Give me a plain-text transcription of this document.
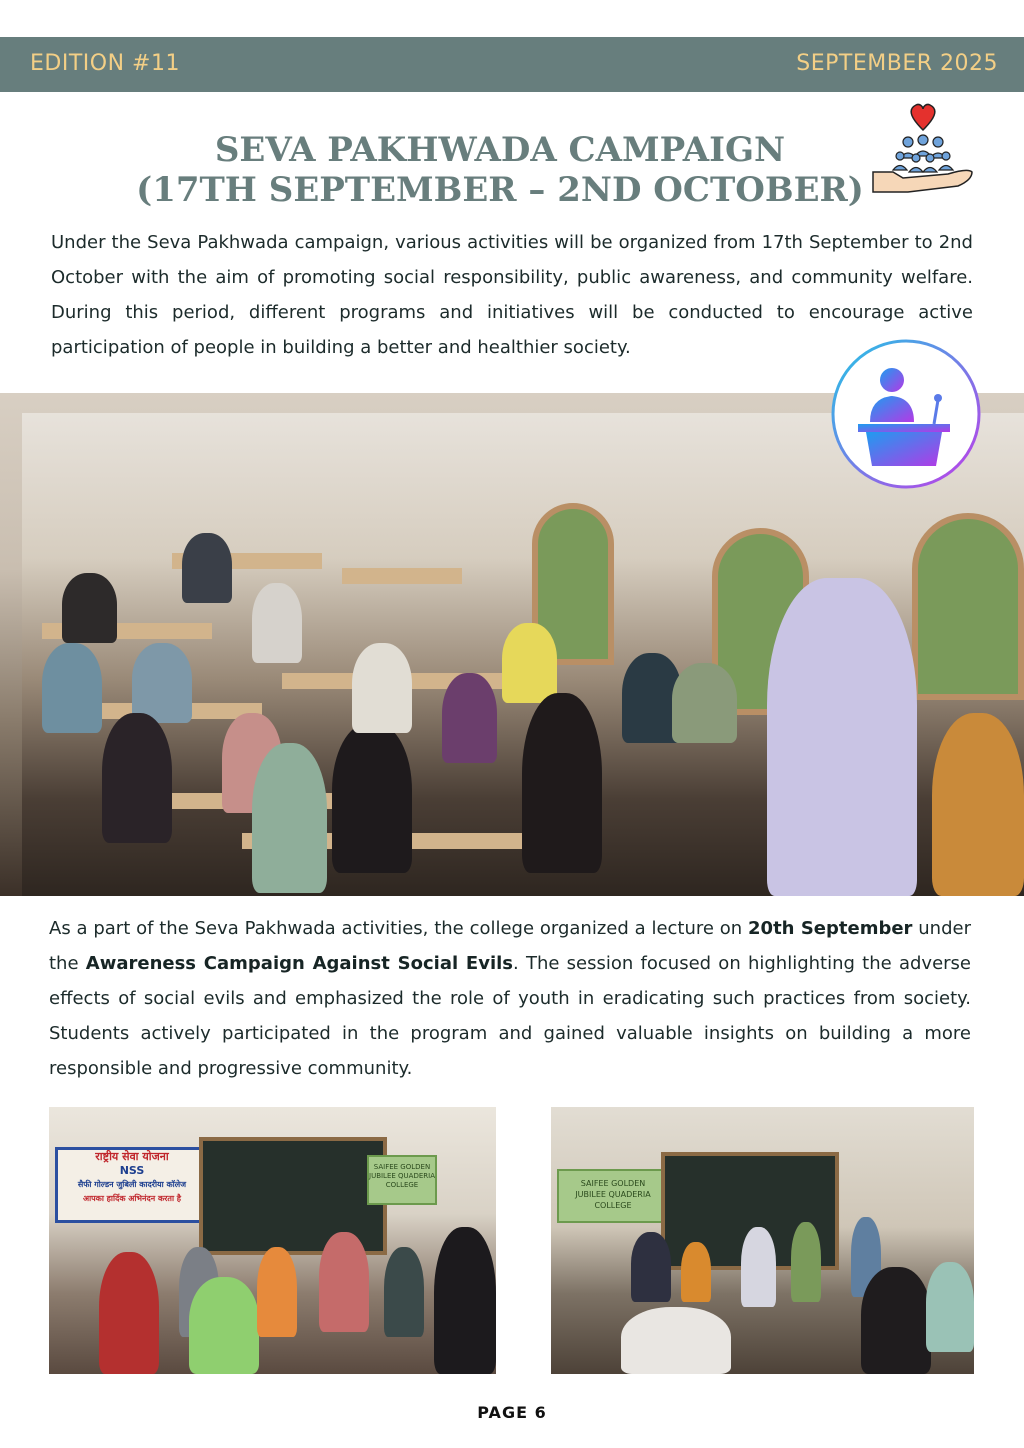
EDITION #11	SEPTEMBER 2025
SEVA PAKHWADA CAMPAIGN
(17TH SEPTEMBER – 2ND OCTOBER)
Under the Seva Pakhwada campaign, various activities will be organized from 17th September to 2nd October with the aim of promoting social responsibility, public awareness, and community welfare. During this period, different programs and initiatives will be conducted to encourage active participation of people in building a better and healthier society.
As a part of the Seva Pakhwada activities, the college organized a lecture on 20th September under the Awareness Campaign Against Social Evils. The session focused on highlighting the adverse effects of social evils and emphasized the role of youth in eradicating such practices from society. Students actively participated in the program and gained valuable insights on building a more responsible and progressive community.
राष्ट्रीय सेवा योजना
NSS
सैफी गोल्डन जुबिली कादरीया कॉलेज
आपका हार्दिक अभिनंदन करता है
SAIFEE GOLDEN
JUBILEE QUADERIA
COLLEGE	SAIFEE GOLDEN
JUBILEE QUADERIA
COLLEGE
PAGE 6
